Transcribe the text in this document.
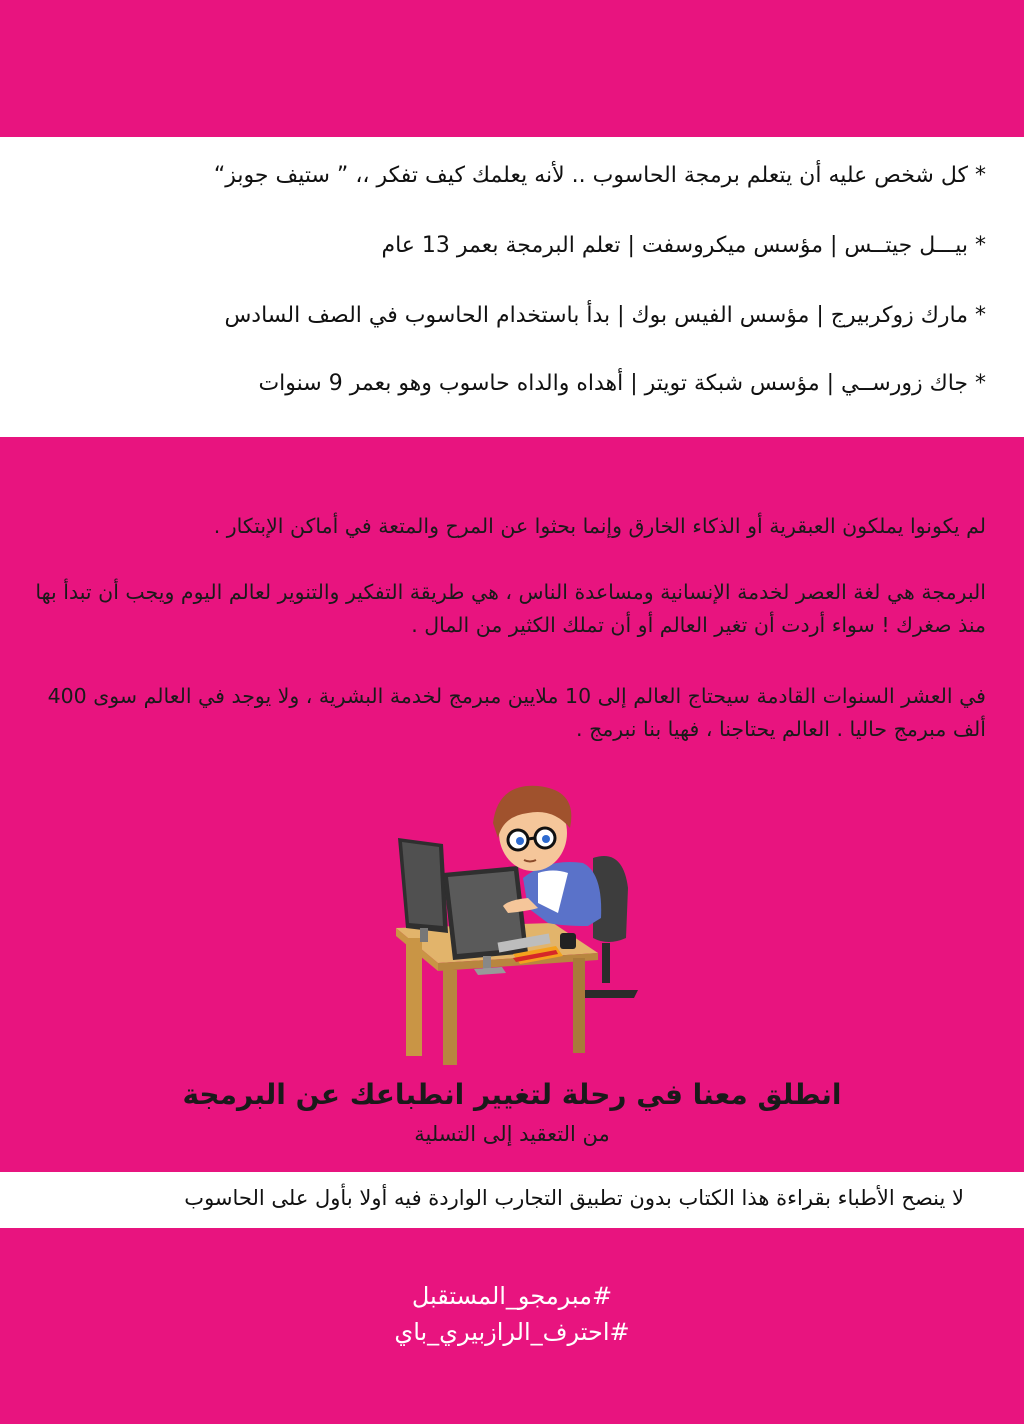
* كل شخص عليه أن يتعلم برمجة الحاسوب .. لأنه يعلمك كيف تفكر ،، ” ستيف جوبز“
* بيـــل جيتــس | مؤسس ميكروسفت | تعلم البرمجة بعمر 13 عام
* مارك زوكربيرج | مؤسس الفيس بوك | بدأ باستخدام الحاسوب في الصف السادس
* جاك زورســي | مؤسس شبكة تويتر | أهداه والداه حاسوب وهو بعمر 9 سنوات
لم يكونوا يملكون العبقرية أو الذكاء الخارق وإنما بحثوا عن المرح والمتعة في أماكن الإبتكار .
البرمجة هي لغة العصر لخدمة الإنسانية ومساعدة الناس ، هي طريقة التفكير والتنوير لعالم اليوم ويجب أن تبدأ بها منذ صغرك ! سواء أردت أن تغير العالم أو أن تملك الكثير من المال .
في العشر السنوات القادمة سيحتاج العالم إلى 10 ملايين مبرمج لخدمة البشرية ، ولا يوجد في العالم سوى 400 ألف مبرمج حاليا . العالم يحتاجنا ، فهيا بنا نبرمج .
انطلق معنا في رحلة لتغيير انطباعك عن البرمجة
من التعقيد إلى التسلية
لا ينصح الأطباء بقراءة هذا الكتاب بدون تطبيق التجارب الواردة فيه أولا بأول على الحاسوب
#مبرمجو_المستقبل
#احترف_الرازبيري_باي
